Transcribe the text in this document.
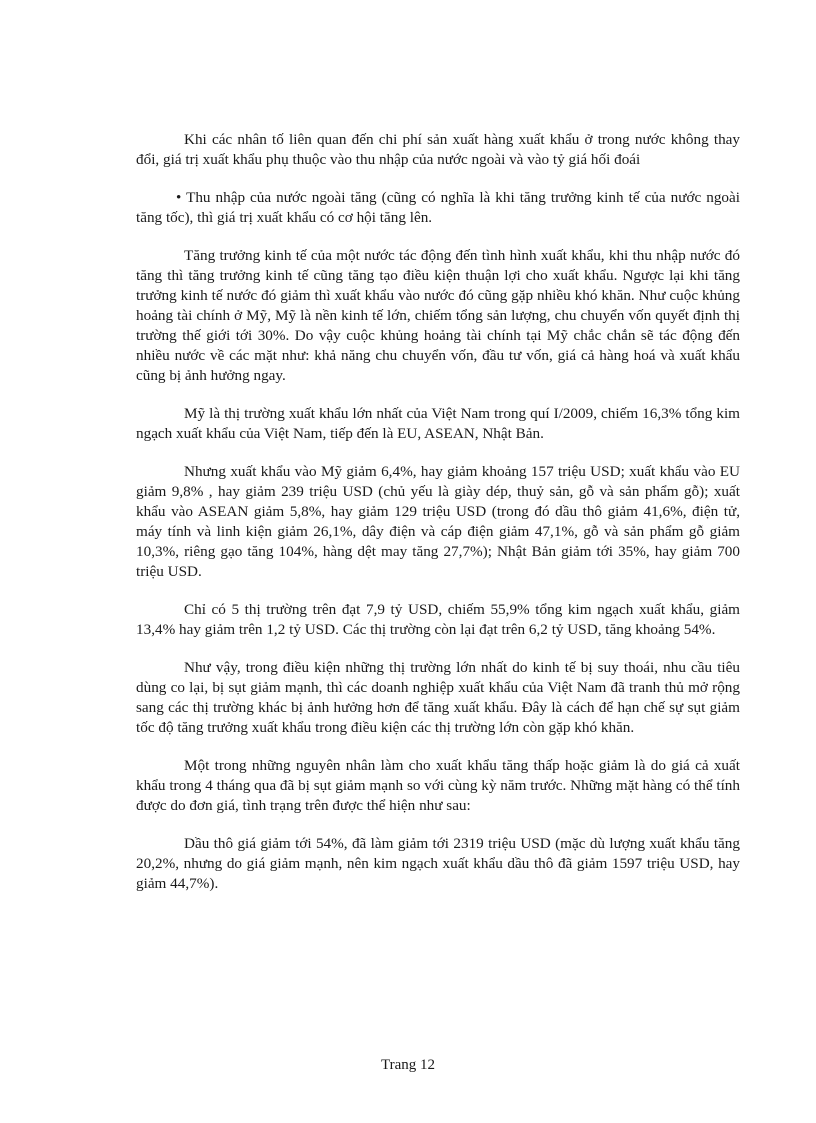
Khi các nhân tố liên quan đến chi phí sản xuất hàng xuất khẩu ở trong nước không thay đổi, giá trị xuất khẩu phụ thuộc vào thu nhập của nước ngoài và vào tỷ giá hối đoái

• Thu nhập của nước ngoài tăng (cũng có nghĩa là khi tăng trưởng kinh tế của nước ngoài tăng tốc), thì giá trị xuất khẩu có cơ hội tăng lên.

Tăng trưởng kinh tế của một nước tác động đến tình hình xuất khẩu, khi thu nhập nước đó tăng thì tăng trưởng kinh tế cũng tăng tạo điều kiện thuận lợi cho xuất khẩu. Ngược lại khi tăng trưởng kinh tế nước đó giảm thì xuất khẩu vào nước đó cũng gặp nhiều khó khăn. Như cuộc khủng hoảng tài chính ở Mỹ, Mỹ là nền kinh tế lớn, chiếm tổng sản lượng, chu chuyển vốn quyết định thị trường thế giới tới 30%. Do vậy cuộc khủng hoảng tài chính tại Mỹ chắc chắn sẽ tác động đến nhiều nước về các mặt như: khả năng chu chuyển vốn, đầu tư vốn, giá cả hàng hoá và xuất khẩu cũng bị ảnh hưởng ngay.

Mỹ là thị trường xuất khẩu lớn nhất của Việt Nam trong quí I/2009, chiếm 16,3% tổng kim ngạch xuất khẩu của Việt Nam, tiếp đến là EU, ASEAN, Nhật Bản.

Nhưng xuất khẩu vào Mỹ giảm 6,4%, hay giảm khoảng 157 triệu USD; xuất khẩu vào EU giảm 9,8% , hay giảm 239 triệu USD (chủ yếu là giày dép, thuỷ sản, gỗ và sản phẩm gỗ); xuất khẩu vào ASEAN giảm 5,8%, hay giảm 129 triệu USD (trong đó dầu thô giảm 41,6%, điện tử, máy tính và linh kiện giảm 26,1%, dây điện và cáp điện giảm 47,1%, gỗ và sản phẩm gỗ giảm 10,3%, riêng gạo tăng 104%, hàng dệt may tăng 27,7%); Nhật Bản giảm tới 35%, hay giảm 700 triệu USD.

Chỉ có 5 thị trường trên đạt 7,9 tỷ USD, chiếm 55,9% tổng kim ngạch xuất khẩu, giảm 13,4% hay giảm trên 1,2 tỷ USD. Các thị trường còn lại đạt trên 6,2 tỷ USD, tăng khoảng 54%.

Như vậy, trong điều kiện những thị trường lớn nhất do kinh tế bị suy thoái, nhu cầu tiêu dùng co lại, bị sụt giảm mạnh, thì các doanh nghiệp xuất khẩu của Việt Nam đã tranh thủ mở rộng sang các thị trường khác bị ảnh hưởng hơn để tăng xuất khẩu. Đây là cách để hạn chế sự sụt giảm tốc độ tăng trưởng xuất khẩu trong điều kiện các thị trường lớn còn gặp khó khăn.

Một trong những nguyên nhân làm cho xuất khẩu tăng thấp hoặc giảm là do giá cả xuất khẩu trong 4 tháng qua đã bị sụt giảm mạnh so với cùng kỳ năm trước. Những mặt hàng có thể tính được do đơn giá, tình trạng trên được thể hiện như sau:

Dầu thô giá giảm tới 54%, đã làm giảm tới 2319 triệu USD (mặc dù lượng xuất khẩu tăng 20,2%, nhưng do giá giảm mạnh, nên kim ngạch xuất khẩu dầu thô đã giảm 1597 triệu USD, hay giảm 44,7%).

Trang 12
